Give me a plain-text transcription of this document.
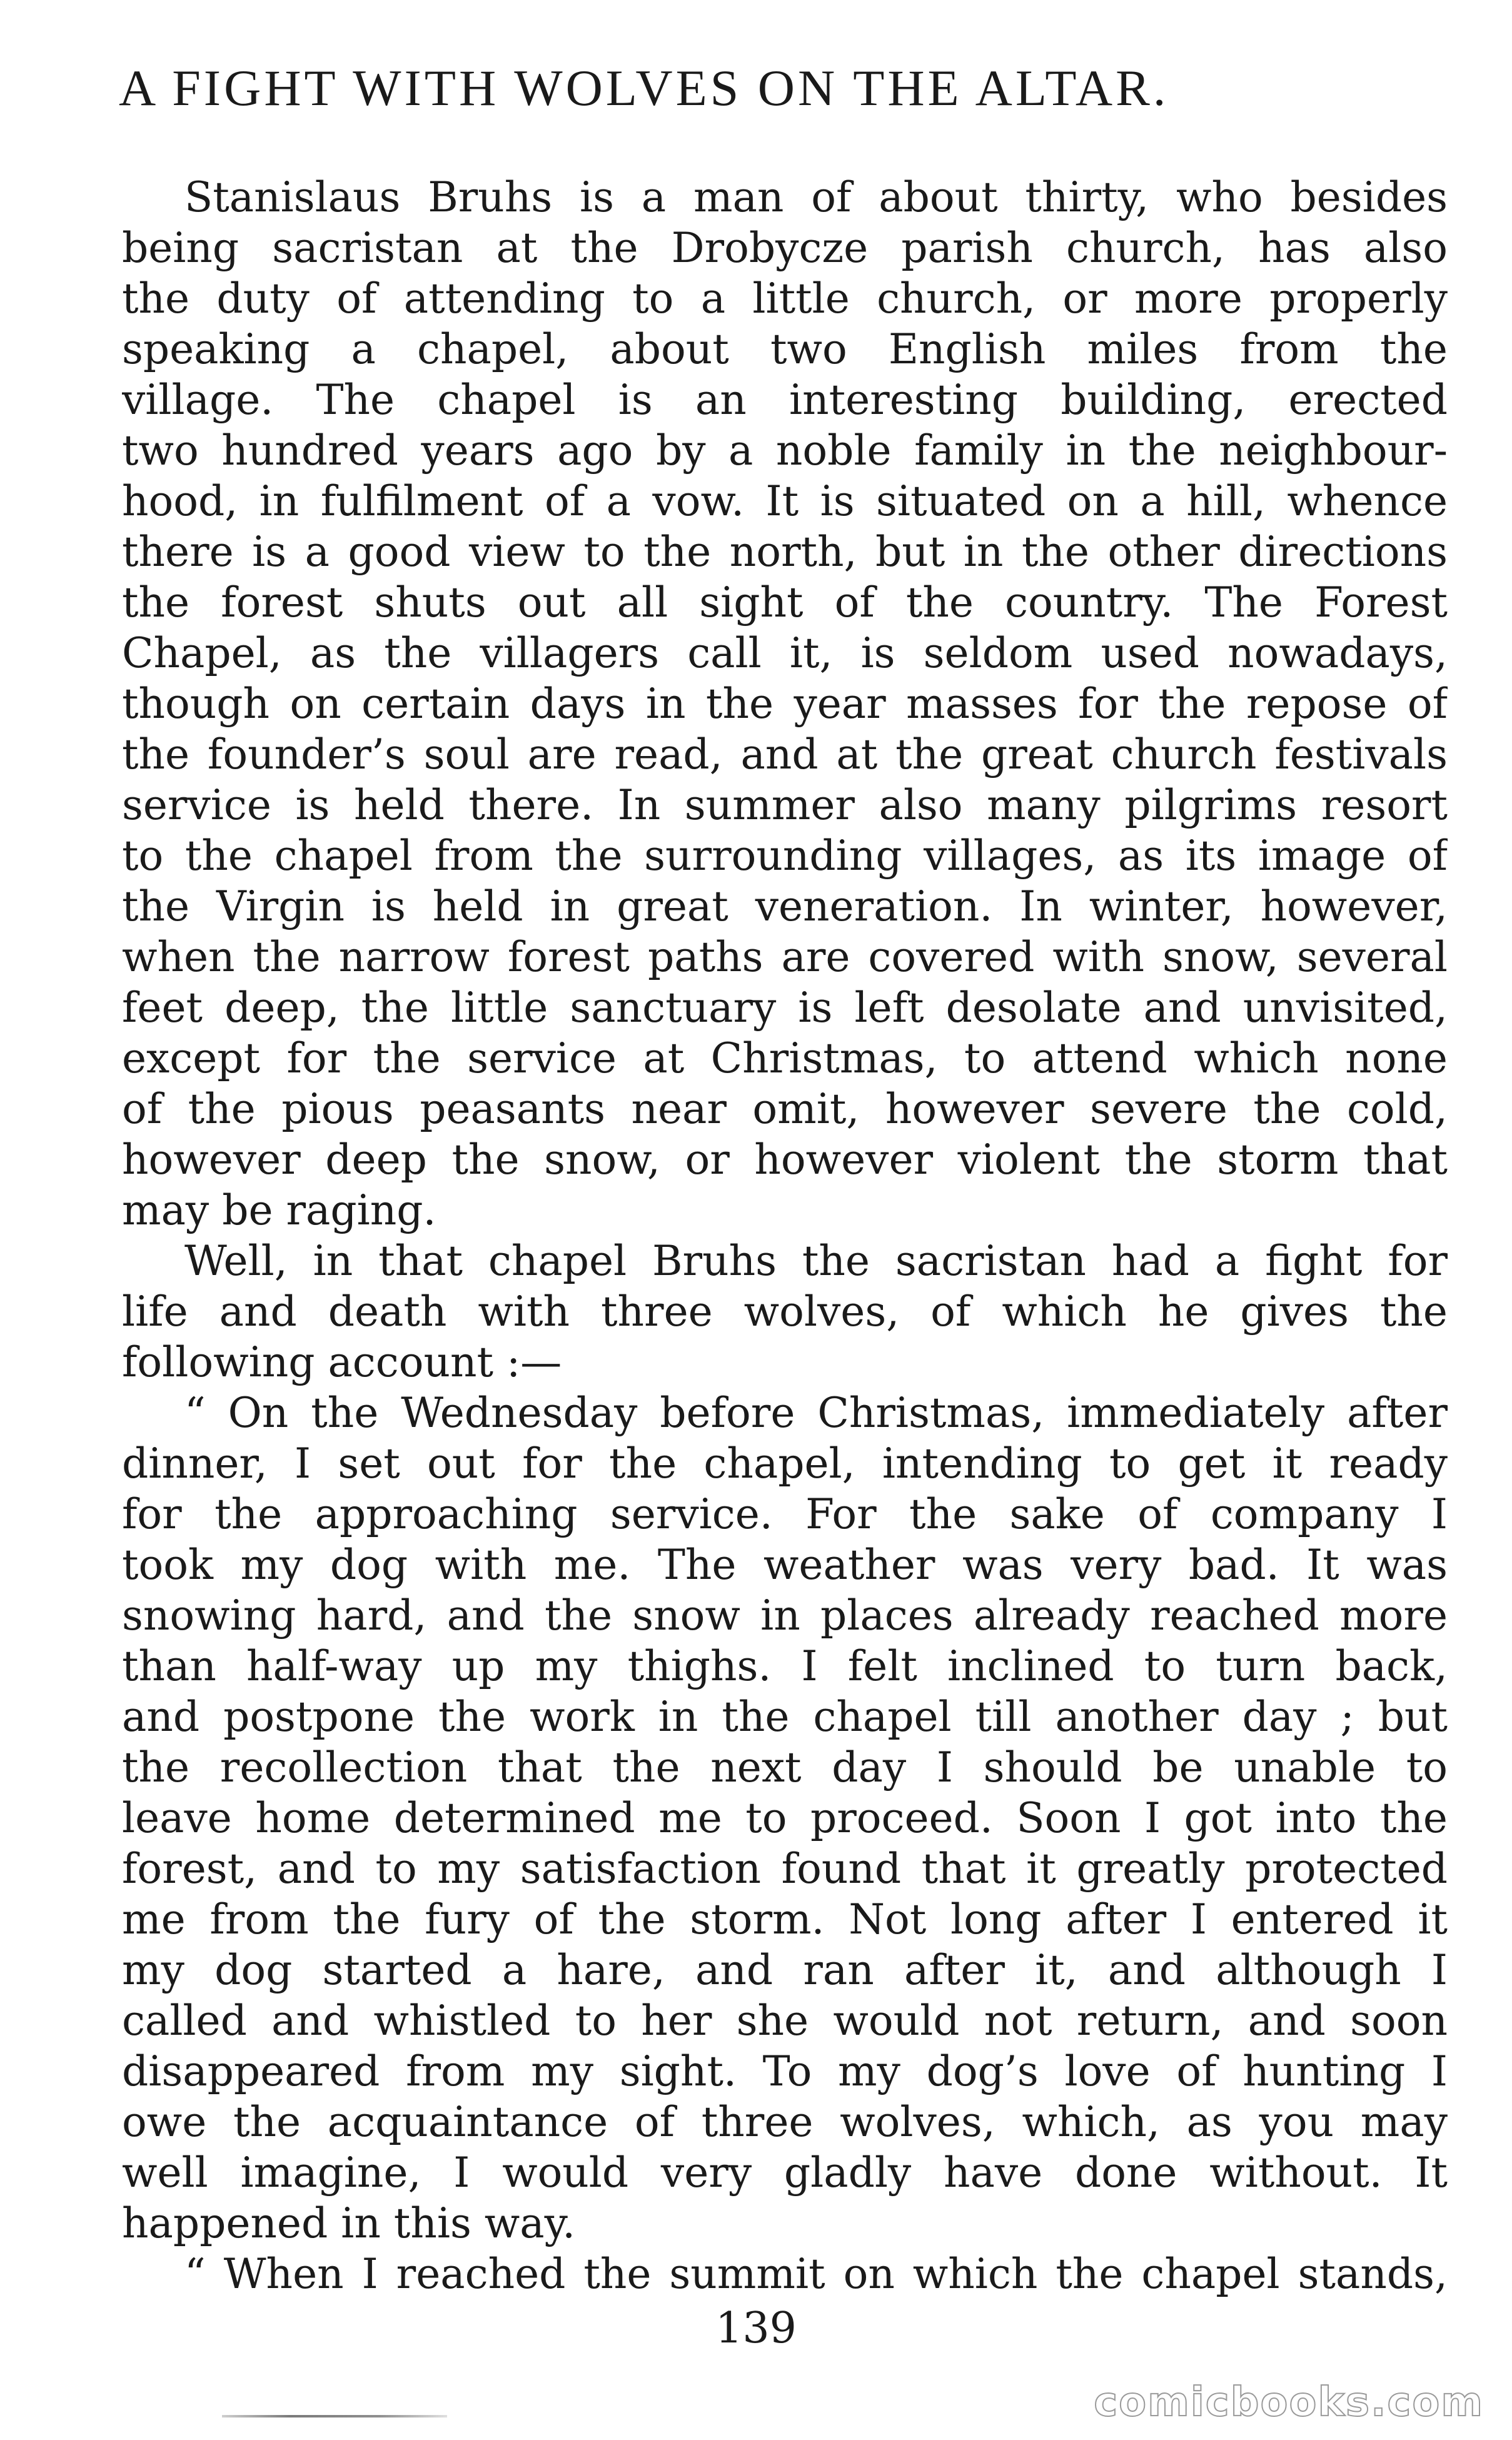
A FIGHT WITH WOLVES ON THE ALTAR.
Stanislaus Bruhs is a man of about thirty, who besides
being sacristan at the Drobycze parish church, has also
the duty of attending to a little church, or more properly
speaking a chapel, about two English miles from the
village. The chapel is an interesting building, erected
two hundred years ago by a noble family in the neighbour-
hood, in fulfilment of a vow. It is situated on a hill, whence
there is a good view to the north, but in the other directions
the forest shuts out all sight of the country. The Forest
Chapel, as the villagers call it, is seldom used nowadays,
though on certain days in the year masses for the repose of
the founder’s soul are read, and at the great church festivals
service is held there. In summer also many pilgrims resort
to the chapel from the surrounding villages, as its image of
the Virgin is held in great veneration. In winter, however,
when the narrow forest paths are covered with snow, several
feet deep, the little sanctuary is left desolate and unvisited,
except for the service at Christmas, to attend which none
of the pious peasants near omit, however severe the cold,
however deep the snow, or however violent the storm that
may be raging.
Well, in that chapel Bruhs the sacristan had a fight for
life and death with three wolves, of which he gives the
following account :—
“ On the Wednesday before Christmas, immediately after
dinner, I set out for the chapel, intending to get it ready
for the approaching service. For the sake of company I
took my dog with me. The weather was very bad. It was
snowing hard, and the snow in places already reached more
than half-way up my thighs. I felt inclined to turn back,
and postpone the work in the chapel till another day ; but
the recollection that the next day I should be unable to
leave home determined me to proceed. Soon I got into the
forest, and to my satisfaction found that it greatly protected
me from the fury of the storm. Not long after I entered it
my dog started a hare, and ran after it, and although I
called and whistled to her she would not return, and soon
disappeared from my sight. To my dog’s love of hunting I
owe the acquaintance of three wolves, which, as you may
well imagine, I would very gladly have done without. It
happened in this way.
“ When I reached the summit on which the chapel stands,
139
comicbooks.com
